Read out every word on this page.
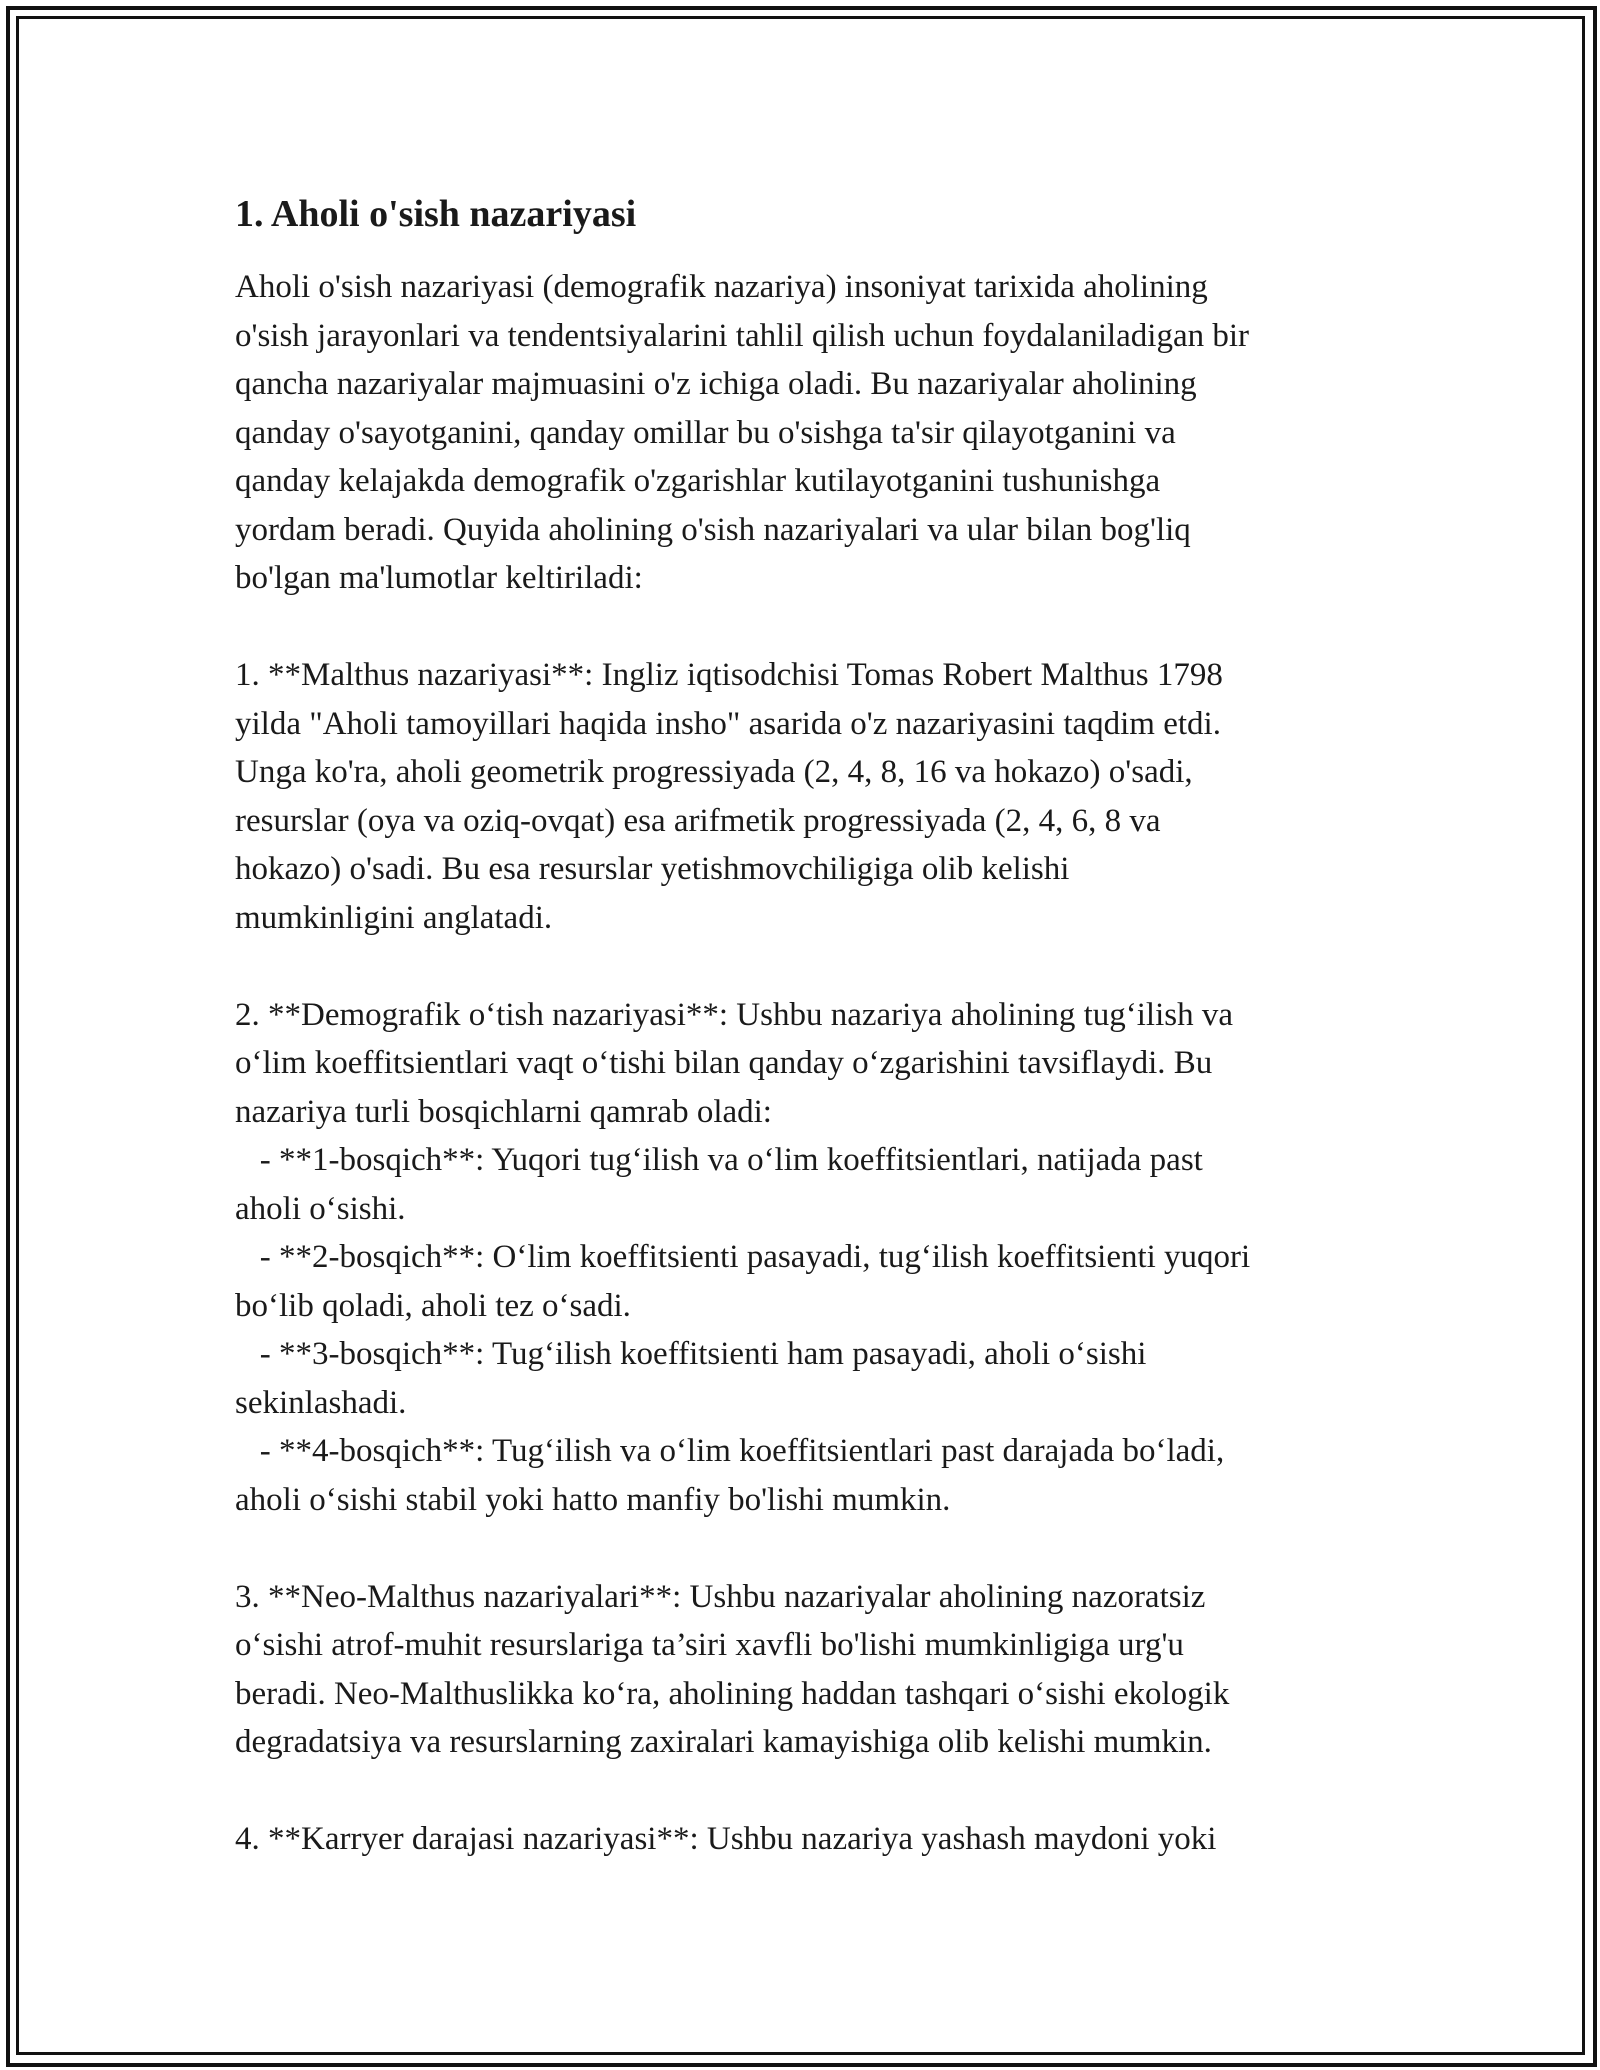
1. Aholi o'sish nazariyasi
Aholi o'sish nazariyasi (demografik nazariya) insoniyat tarixida aholining
o'sish jarayonlari va tendentsiyalarini tahlil qilish uchun foydalaniladigan bir
qancha nazariyalar majmuasini o'z ichiga oladi. Bu nazariyalar aholining
qanday o'sayotganini, qanday omillar bu o'sishga ta'sir qilayotganini va
qanday kelajakda demografik o'zgarishlar kutilayotganini tushunishga
yordam beradi. Quyida aholining o'sish nazariyalari va ular bilan bog'liq
bo'lgan ma'lumotlar keltiriladi:
1. **Malthus nazariyasi**: Ingliz iqtisodchisi Tomas Robert Malthus 1798
yilda "Aholi tamoyillari haqida insho" asarida o'z nazariyasini taqdim etdi.
Unga ko'ra, aholi geometrik progressiyada (2, 4, 8, 16 va hokazo) o'sadi,
resurslar (oya va oziq-ovqat) esa arifmetik progressiyada (2, 4, 6, 8 va
hokazo) o'sadi. Bu esa resurslar yetishmovchiligiga olib kelishi
mumkinligini anglatadi.
2. **Demografik o‘tish nazariyasi**: Ushbu nazariya aholining tug‘ilish va
o‘lim koeffitsientlari vaqt o‘tishi bilan qanday o‘zgarishini tavsiflaydi. Bu
nazariya turli bosqichlarni qamrab oladi:
- **1-bosqich**: Yuqori tug‘ilish va o‘lim koeffitsientlari, natijada past
aholi o‘sishi.
- **2-bosqich**: O‘lim koeffitsienti pasayadi, tug‘ilish koeffitsienti yuqori
bo‘lib qoladi, aholi tez o‘sadi.
- **3-bosqich**: Tug‘ilish koeffitsienti ham pasayadi, aholi o‘sishi
sekinlashadi.
- **4-bosqich**: Tug‘ilish va o‘lim koeffitsientlari past darajada bo‘ladi,
aholi o‘sishi stabil yoki hatto manfiy bo'lishi mumkin.
3. **Neo-Malthus nazariyalari**: Ushbu nazariyalar aholining nazoratsiz
o‘sishi atrof-muhit resurslariga ta’siri xavfli bo'lishi mumkinligiga urg'u
beradi. Neo-Malthuslikka ko‘ra, aholining haddan tashqari o‘sishi ekologik
degradatsiya va resurslarning zaxiralari kamayishiga olib kelishi mumkin.
4. **Karryer darajasi nazariyasi**: Ushbu nazariya yashash maydoni yoki
